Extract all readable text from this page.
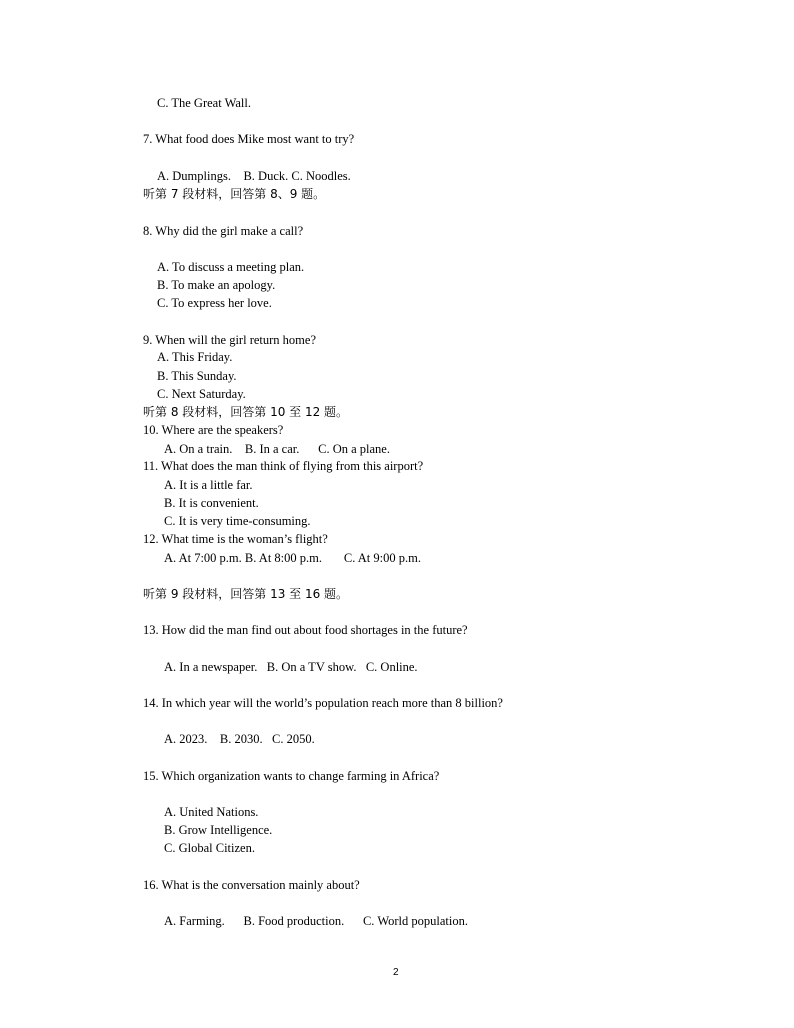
C. The Great Wall.
7. What food does Mike most want to try?
A. Dumplings.    B. Duck. C. Noodles.
听第 7 段材料，回答第 8、9 题。
8. Why did the girl make a call?
A. To discuss a meeting plan.
B. To make an apology.
C. To express her love.
9. When will the girl return home?
A. This Friday.
B. This Sunday.
C. Next Saturday.
听第 8 段材料，回答第 10 至 12 题。
10. Where are the speakers?
A. On a train.    B. In a car.      C. On a plane.
11. What does the man think of flying from this airport?
A. It is a little far.
B. It is convenient.
C. It is very time-consuming.
12. What time is the woman’s flight?
A. At 7:00 p.m. B. At 8:00 p.m.       C. At 9:00 p.m.
听第 9 段材料，回答第 13 至 16 题。
13. How did the man find out about food shortages in the future?
A. In a newspaper.   B. On a TV show.   C. Online.
14. In which year will the world’s population reach more than 8 billion?
A. 2023.    B. 2030.   C. 2050.
15. Which organization wants to change farming in Africa?
A. United Nations.
B. Grow Intelligence.
C. Global Citizen.
16. What is the conversation mainly about?
A. Farming.      B. Food production.      C. World population.
2
